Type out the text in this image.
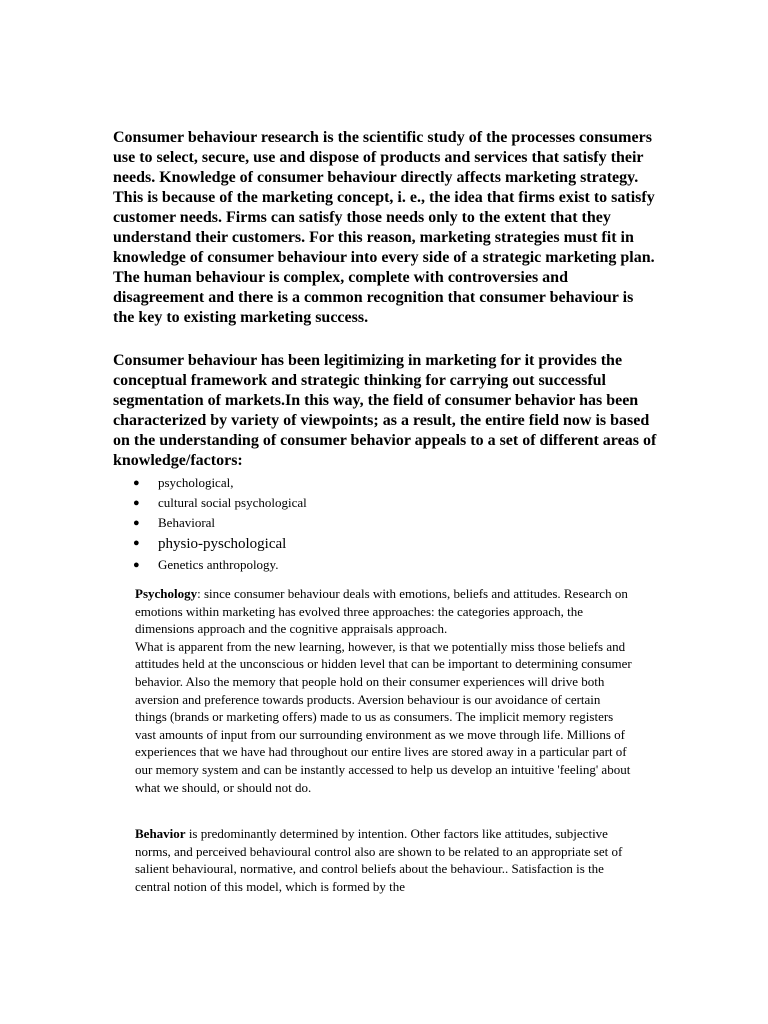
Consumer behaviour research is the scientific study of the processes consumers use to select, secure, use and dispose of products and services that satisfy their needs. Knowledge of consumer behaviour directly affects marketing strategy. This is because of the marketing concept, i. e., the idea that firms exist to satisfy customer needs. Firms can satisfy those needs only to the extent that they understand their customers. For this reason, marketing strategies must fit in knowledge of consumer behaviour into every side of a strategic marketing plan. The human behaviour is complex, complete with controversies and disagreement and there is a common recognition that consumer behaviour is the key to existing marketing success.

Consumer behaviour has been legitimizing in marketing for it provides the conceptual framework and strategic thinking for carrying out successful segmentation of markets.In this way, the field of consumer behavior has been characterized by variety of viewpoints; as a result, the entire field now is based on the understanding of consumer behavior appeals to a set of different areas of knowledge/factors:

● psychological,
● cultural social psychological
● Behavioral
● physio-pyschological
● Genetics anthropology.

Psychology: since consumer behaviour deals with emotions, beliefs and attitudes. Research on emotions within marketing has evolved three approaches: the categories approach, the dimensions approach and the cognitive appraisals approach.
What is apparent from the new learning, however, is that we potentially miss those beliefs and attitudes held at the unconscious or hidden level that can be important to determining consumer behavior. Also the memory that people hold on their consumer experiences will drive both aversion and preference towards products. Aversion behaviour is our avoidance of certain things (brands or marketing offers) made to us as consumers. The implicit memory registers vast amounts of input from our surrounding environment as we move through life. Millions of experiences that we have had throughout our entire lives are stored away in a particular part of our memory system and can be instantly accessed to help us develop an intuitive 'feeling' about what we should, or should not do.

Behavior is predominantly determined by intention. Other factors like attitudes, subjective norms, and perceived behavioural control also are shown to be related to an appropriate set of salient behavioural, normative, and control beliefs about the behaviour.. Satisfaction is the central notion of this model, which is formed by the
